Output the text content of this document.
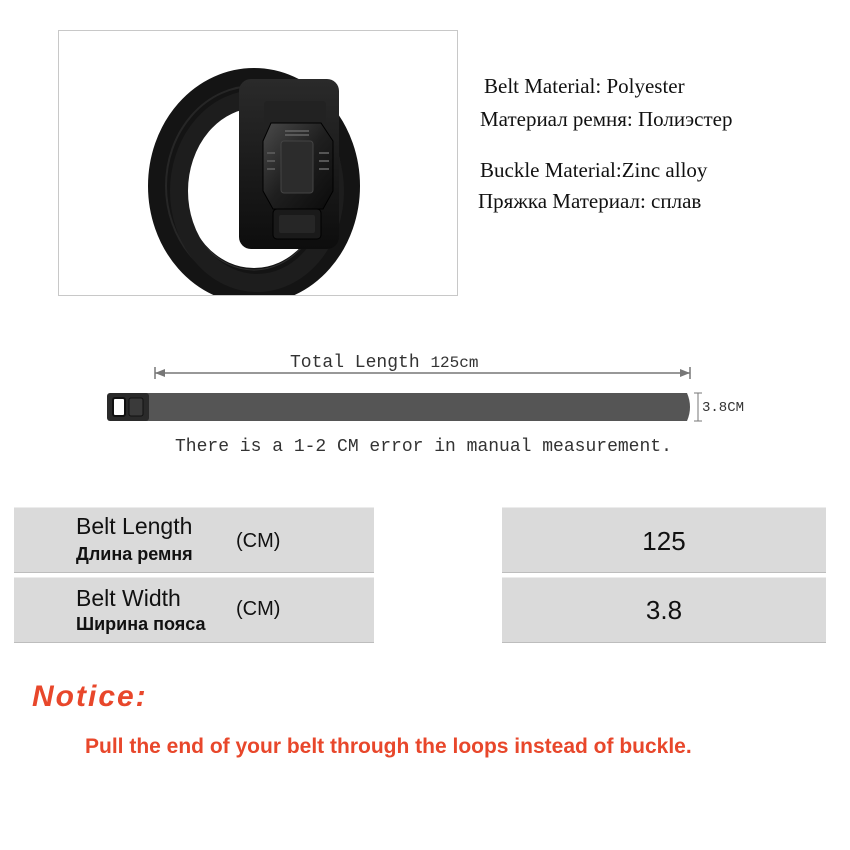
Belt Material: Polyester
Материал ремня: Полиэстер
Buckle Material:Zinc alloy
Пряжка Материал: сплав
Total Length 125cm
3.8CM
There is a 1-2 CM error in manual measurement.
Belt Length
Длина ремня
(CM)	125
Belt Width
Ширина пояса
(CM)	3.8
Notice:
Pull the end of your belt through the loops instead of buckle.
